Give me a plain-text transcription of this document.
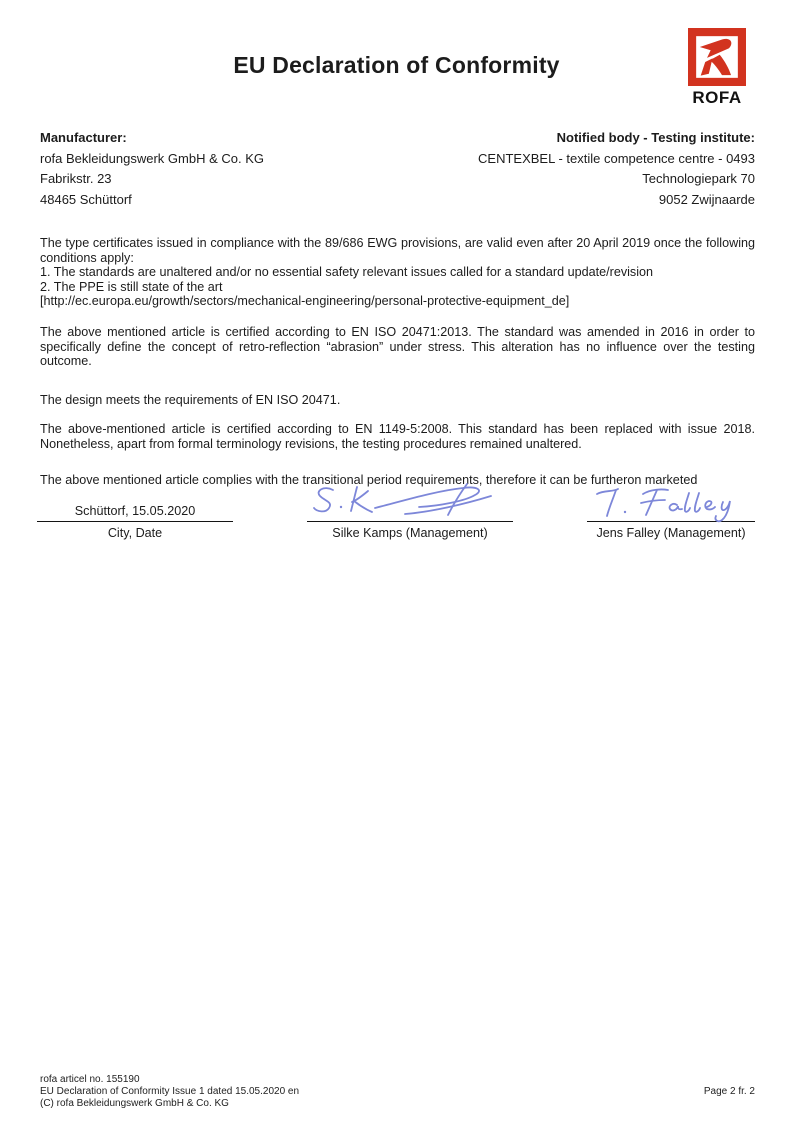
EU Declaration of Conformity
ROFA
Manufacturer:
rofa Bekleidungswerk GmbH & Co. KG
Fabrikstr. 23
48465 Schüttorf
Notified body - Testing institute:
CENTEXBEL - textile competence centre - 0493
Technologiepark 70
9052 Zwijnaarde

The type certificates issued in compliance with the 89/686 EWG provisions, are valid even after 20 April 2019 once the following conditions apply:

1. The standards are unaltered and/or no essential safety relevant issues called for a standard update/revision

2. The PPE is still state of the art

[http://ec.europa.eu/growth/sectors/mechanical-engineering/personal-protective-equipment_de]

The above mentioned article is certified according to EN ISO 20471:2013. The standard was amended in 2016 in order to specifically define the concept of retro-reflection “abrasion” under stress. This alteration has no influence over the testing outcome.

The design meets the requirements of EN ISO 20471.

The above-mentioned article is certified according to EN 1149-5:2008. This standard has been replaced with issue 2018. Nonetheless, apart from formal terminology revisions, the testing procedures remained unaltered.

The above mentioned article complies with the transitional period requirements, therefore it can be furtheron marketed

Schüttorf, 15.05.2020
City, Date	Silke Kamps (Management)	Jens Falley (Management)
rofa articel no. 155190
EU Declaration of Conformity Issue 1 dated 15.05.2020 en
(C) rofa Bekleidungswerk GmbH & Co. KG
Page 2 fr. 2
